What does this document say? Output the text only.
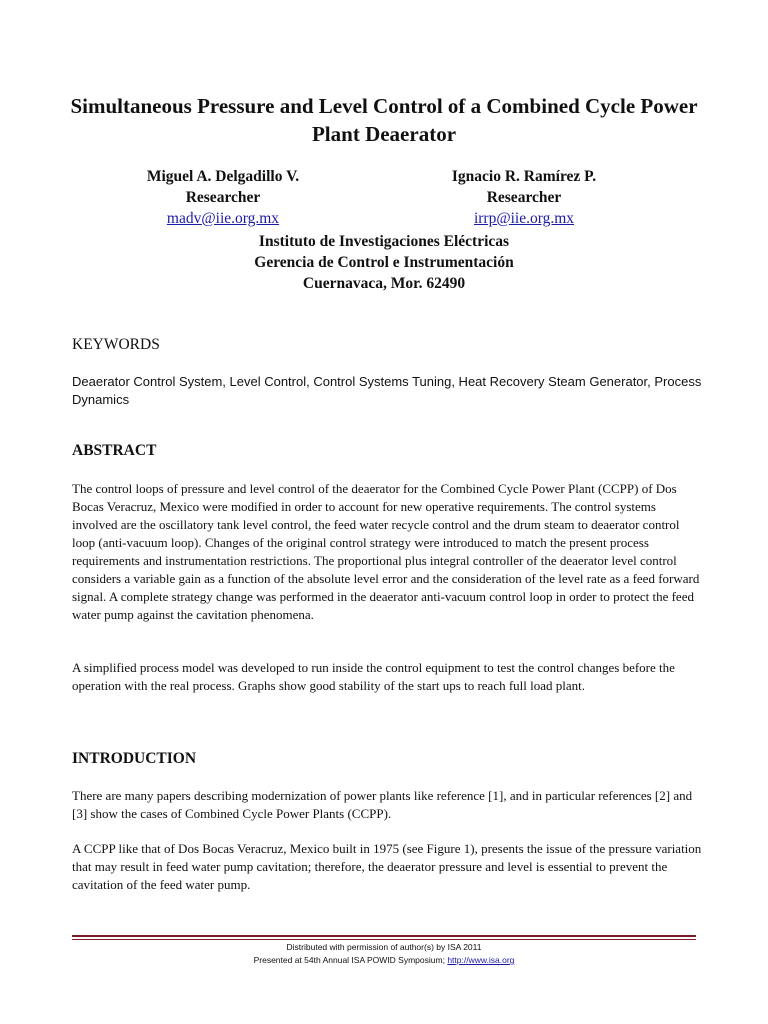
Simultaneous Pressure and Level Control of a Combined Cycle Power Plant Deaerator
Miguel A. Delgadillo V.
Researcher
madv@iie.org.mx
Ignacio R. Ramírez P.
Researcher
irrp@iie.org.mx
Instituto de Investigaciones Eléctricas
Gerencia de Control e Instrumentación
Cuernavaca, Mor. 62490
KEYWORDS

Deaerator Control System, Level Control, Control Systems Tuning, Heat Recovery Steam Generator, Process Dynamics

ABSTRACT

The control loops of pressure and level control of the deaerator for the Combined Cycle Power Plant (CCPP) of Dos Bocas Veracruz, Mexico were modified in order to account for new operative requirements. The control systems involved are the oscillatory tank level control, the feed water recycle control and the drum steam to deaerator control loop (anti-vacuum loop). Changes of the original control strategy were introduced to match the present process requirements and instrumentation restrictions. The proportional plus integral controller of the deaerator level control considers a variable gain as a function of the absolute level error and the consideration of the level rate as a feed forward signal. A complete strategy change was performed in the deaerator anti-vacuum control loop in order to protect the feed water pump against the cavitation phenomena.

A simplified process model was developed to run inside the control equipment to test the control changes before the operation with the real process. Graphs show good stability of the start ups to reach full load plant.

INTRODUCTION

There are many papers describing modernization of power plants like reference [1], and in particular references [2] and [3] show the cases of Combined Cycle Power Plants (CCPP).

A CCPP like that of Dos Bocas Veracruz, Mexico built in 1975 (see Figure 1), presents the issue of the pressure variation that may result in feed water pump cavitation; therefore, the deaerator pressure and level is essential to prevent the cavitation of the feed water pump.

Distributed with permission of author(s) by ISA 2011
Presented at 54th Annual ISA POWID Symposium; http://www.isa.org
